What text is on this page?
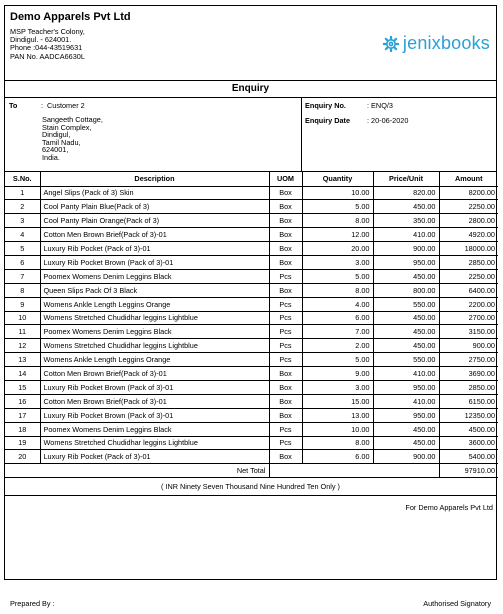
Demo Apparels Pvt Ltd
MSP Teacher's Colony,
Dindigul. - 624001.
Phone :044-43519631
PAN No. AADCA6630L
jenixbooks
Enquiry
To	: Customer 2
Sangeeth Cottage,
Stain Complex,
Dindigul,
Tamil Nadu,
624001,
India.
Enquiry No.	: ENQ/3
Enquiry Date : 20-06-2020
S.No.	Description	UOM	Quantity	Price/Unit	Amount
1	Angel Slips (Pack of 3) Skin	Box	10.00	820.00	8200.00
2	Cool Panty Plain Blue(Pack of 3)	Box	5.00	450.00	2250.00
3	Cool Panty Plain Orange(Pack of 3)	Box	8.00	350.00	2800.00
4	Cotton Men Brown Brief(Pack of 3)-01	Box	12.00	410.00	4920.00
5	Luxury Rib Pocket (Pack of 3)-01	Box	20.00	900.00	18000.00
6	Luxury Rib Pocket Brown (Pack of 3)-01	Box	3.00	950.00	2850.00
7	Poomex Womens Denim Leggins Black	Pcs	5.00	450.00	2250.00
8	Queen Slips Pack Of 3 Black	Box	8.00	800.00	6400.00
9	Womens Ankle Length Leggins Orange	Pcs	4.00	550.00	2200.00
10	Womens Stretched Chudidhar leggins Lightblue	Pcs	6.00	450.00	2700.00
11	Poomex Womens Denim Leggins Black	Pcs	7.00	450.00	3150.00
12	Womens Stretched Chudidhar leggins Lightblue	Pcs	2.00	450.00	900.00
13	Womens Ankle Length Leggins Orange	Pcs	5.00	550.00	2750.00
14	Cotton Men Brown Brief(Pack of 3)-01	Box	9.00	410.00	3690.00
15	Luxury Rib Pocket Brown (Pack of 3)-01	Box	3.00	950.00	2850.00
16	Cotton Men Brown Brief(Pack of 3)-01	Box	15.00	410.00	6150.00
17	Luxury Rib Pocket Brown (Pack of 3)-01	Box	13.00	950.00	12350.00
18	Poomex Womens Denim Leggins Black	Pcs	10.00	450.00	4500.00
19	Womens Stretched Chudidhar leggins Lightblue	Pcs	8.00	450.00	3600.00
20	Luxury Rib Pocket (Pack of 3)-01	Box	6.00	900.00	5400.00
Net Total					97910.00
( INR Ninety Seven Thousand Nine Hundred Ten Only )
For Demo Apparels Pvt Ltd
Prepared By :	Authorised Signatory
